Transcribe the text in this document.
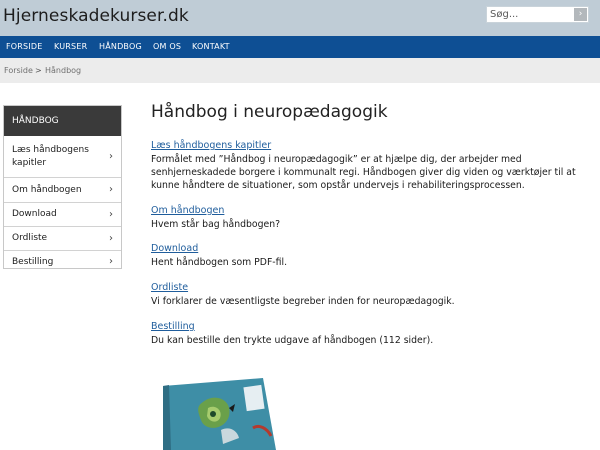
Hjerneskadekurser.dk
Søg...	›
FORSIDE KURSER HÅNDBOG OM OS KONTAKT
Forside > Håndbog
HÅNDBOG
Læs håndbogens kapitler
›
Om håndbogen	›
Download	›
Ordliste	›
Bestilling	›
Håndbog i neuropædagogik
Læs håndbogens kapitler
Formålet med ”Håndbog i neuropædagogik” er at hjælpe dig, der arbejder med senhjerneskadede borgere i kommunalt regi. Håndbogen giver dig viden og værktøjer til at kunne håndtere de situationer, som opstår undervejs i rehabiliteringsprocessen.
Om håndbogen
Hvem står bag håndbogen?
Download
Hent håndbogen som PDF-fil.
Ordliste
Vi forklarer de væsentligste begreber inden for neuropædagogik.
Bestilling
Du kan bestille den trykte udgave af håndbogen (112 sider).
